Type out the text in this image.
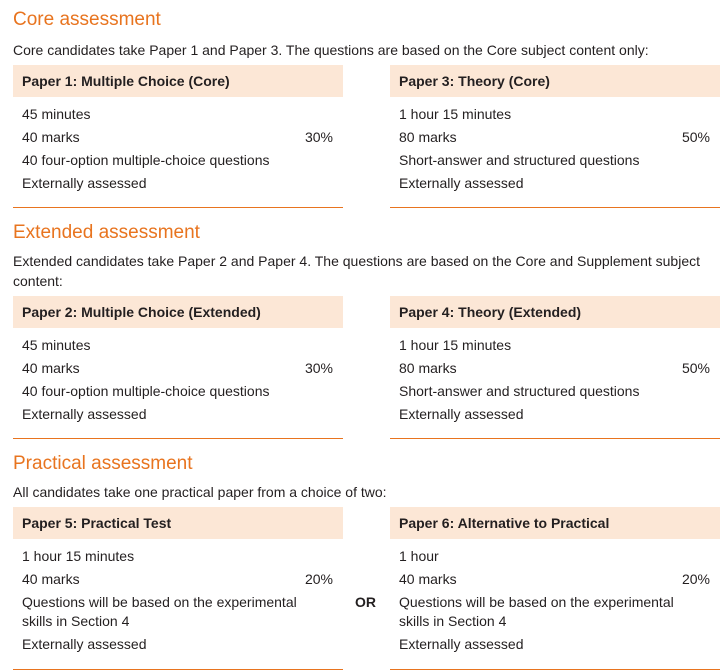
Core assessment

Core candidates take Paper 1 and Paper 3. The questions are based on the Core subject content only:

Paper 1: Multiple Choice (Core)
45 minutes
40 marks
40 four-option multiple-choice questions
Externally assessed
30%
Paper 3: Theory (Core)
1 hour 15 minutes
80 marks
Short-answer and structured questions
Externally assessed
50%
Extended assessment

Extended candidates take Paper 2 and Paper 4. The questions are based on the Core and Supplement subject content:

Paper 2: Multiple Choice (Extended)
45 minutes
40 marks
40 four-option multiple-choice questions
Externally assessed
30%
Paper 4: Theory (Extended)
1 hour 15 minutes
80 marks
Short-answer and structured questions
Externally assessed
50%
Practical assessment

All candidates take one practical paper from a choice of two:

Paper 5: Practical Test
1 hour 15 minutes
40 marks
Questions will be based on the experimental skills in Section 4
Externally assessed
20%
OR
Paper 6: Alternative to Practical
1 hour
40 marks
Questions will be based on the experimental skills in Section 4
Externally assessed
20%
